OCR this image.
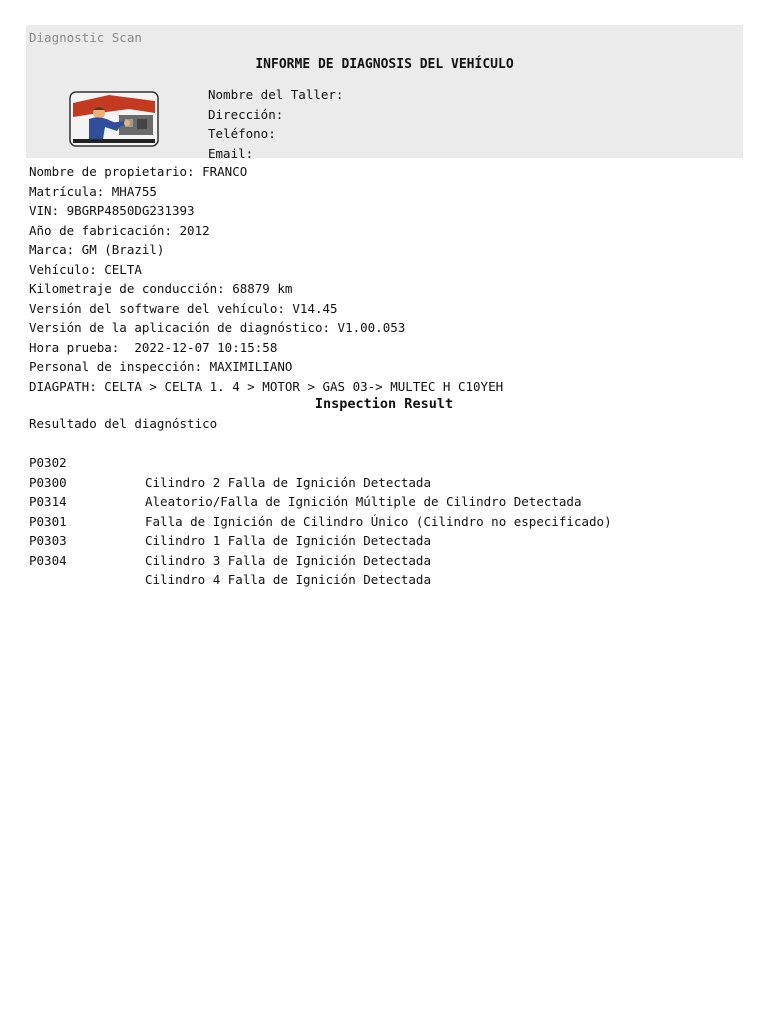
Diagnostic Scan
INFORME DE DIAGNOSIS DEL VEHÍCULO
Nombre del Taller:
Dirección:
Teléfono:
Email:
Nombre de propietario: FRANCO
Matrícula: MHA755
VIN: 9BGRP4850DG231393
Año de fabricación: 2012
Marca: GM (Brazil)
Vehículo: CELTA
Kilometraje de conducción: 68879 km
Versión del software del vehículo: V14.45
Versión de la aplicación de diagnóstico: V1.00.053
Hora prueba:  2022-12-07 10:15:58
Personal de inspección: MAXIMILIANO
DIAGPATH: CELTA > CELTA 1. 4 > MOTOR > GAS 03-> MULTEC H C10YEH
Inspection Result
Resultado del diagnóstico

P0302

Cilindro 2 Falla de Ignición Detectada

P0300

Aleatorio/Falla de Ignición Múltiple de Cilindro Detectada

P0314

Falla de Ignición de Cilindro Único (Cilindro no especificado)

P0301

Cilindro 1 Falla de Ignición Detectada

P0303

Cilindro 3 Falla de Ignición Detectada

P0304

Cilindro 4 Falla de Ignición Detectada
